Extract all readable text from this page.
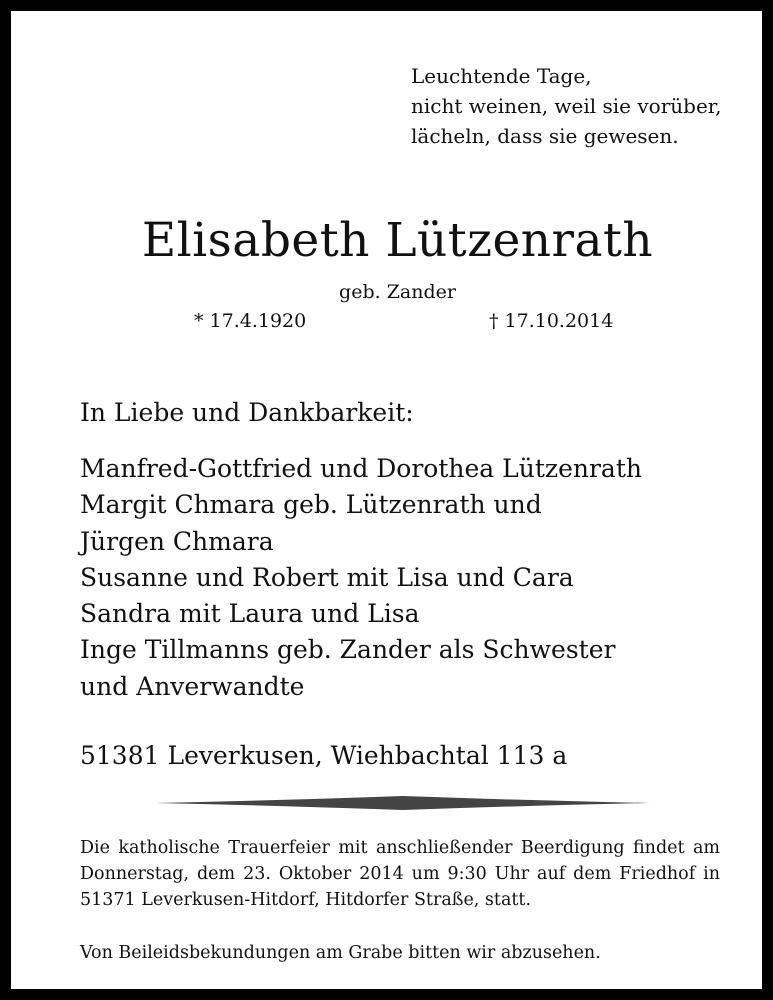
Leuchtende Tage,
nicht weinen, weil sie vorüber,
lächeln, dass sie gewesen.
Elisabeth Lützenrath
geb. Zander
* 17.4.1920	† 17.10.2014
In Liebe und Dankbarkeit:
Manfred-Gottfried und Dorothea Lützenrath
Margit Chmara geb. Lützenrath und
Jürgen Chmara
Susanne und Robert mit Lisa und Cara
Sandra mit Laura und Lisa
Inge Tillmanns geb. Zander als Schwester
und Anverwandte
51381 Leverkusen, Wiehbachtal 113 a
Die katholische Trauerfeier mit anschließender Beerdigung findet am Donnerstag, dem 23. Oktober 2014 um 9:30 Uhr auf dem Friedhof in 51371 Leverkusen-Hitdorf, Hitdorfer Straße, statt.
Von Beileidsbekundungen am Grabe bitten wir abzusehen.
